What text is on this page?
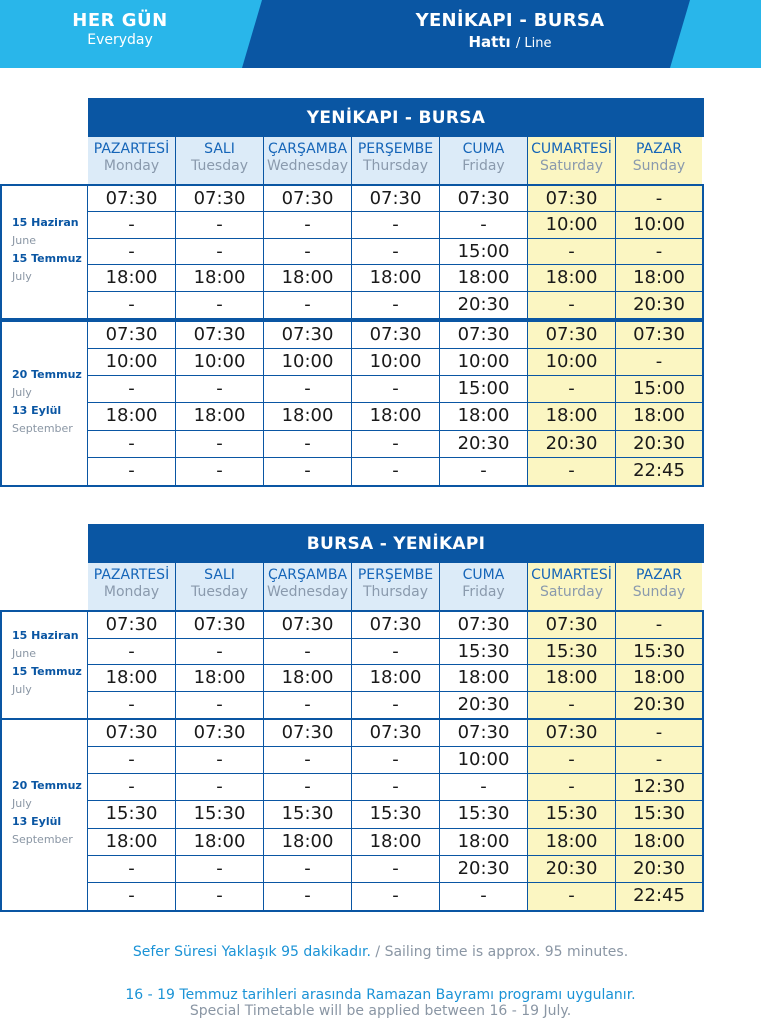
HER GÜN
Everyday
YENİKAPI - BURSA
Hattı / Line
YENİKAPI - BURSA
PAZARTESİ
Monday
SALI
Tuesday
ÇARŞAMBA
Wednesday
PERŞEMBE
Thursday
CUMA
Friday
CUMARTESİ
Saturday
PAZAR
Sunday
15 Haziran
June
15 Temmuz
July
07:30	07:30	07:30	07:30	07:30	07:30	-
-	-	-	-	-	10:00	10:00
-	-	-	-	15:00	-	-
18:00	18:00	18:00	18:00	18:00	18:00	18:00
-	-	-	-	20:30	-	20:30
20 Temmuz
July
13 Eylül
September
07:30	07:30	07:30	07:30	07:30	07:30	07:30
10:00	10:00	10:00	10:00	10:00	10:00	-
-	-	-	-	15:00	-	15:00
18:00	18:00	18:00	18:00	18:00	18:00	18:00
-	-	-	-	20:30	20:30	20:30
-	-	-	-	-	-	22:45
BURSA - YENİKAPI
PAZARTESİ
Monday
SALI
Tuesday
ÇARŞAMBA
Wednesday
PERŞEMBE
Thursday
CUMA
Friday
CUMARTESİ
Saturday
PAZAR
Sunday
15 Haziran
June
15 Temmuz
July
07:30	07:30	07:30	07:30	07:30	07:30	-
-	-	-	-	15:30	15:30	15:30
18:00	18:00	18:00	18:00	18:00	18:00	18:00
-	-	-	-	20:30	-	20:30
20 Temmuz
July
13 Eylül
September
07:30	07:30	07:30	07:30	07:30	07:30	-
-	-	-	-	10:00	-	-
-	-	-	-	-	-	12:30
15:30	15:30	15:30	15:30	15:30	15:30	15:30
18:00	18:00	18:00	18:00	18:00	18:00	18:00
-	-	-	-	20:30	20:30	20:30
-	-	-	-	-	-	22:45
Sefer Süresi Yaklaşık 95 dakikadır. / Sailing time is approx. 95 minutes.
16 - 19 Temmuz tarihleri arasında Ramazan Bayramı programı uygulanır.
Special Timetable will be applied between 16 - 19 July.
